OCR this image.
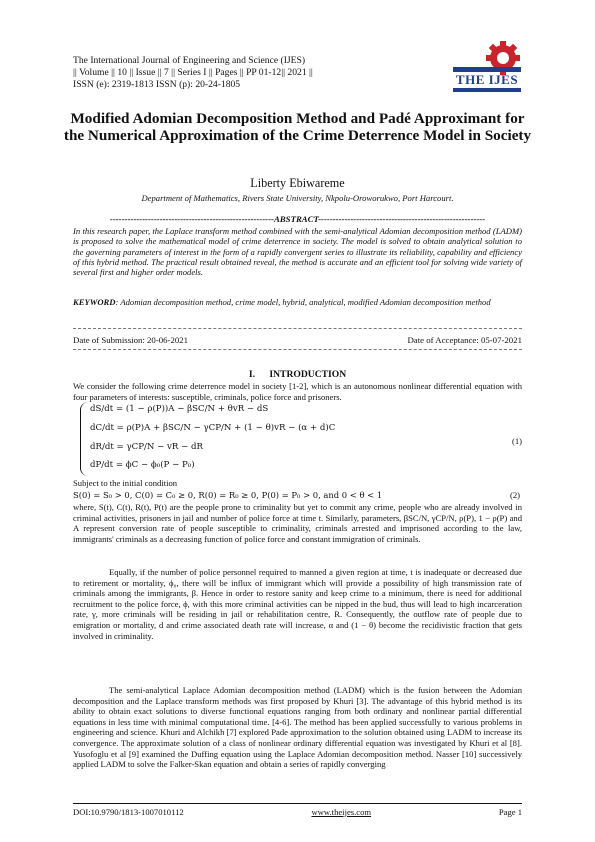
The International Journal of Engineering and Science (IJES)
|| Volume || 10 || Issue || 7 || Series I || Pages || PP 01-12|| 2021 ||
ISSN (e): 2319-1813 ISSN (p): 20-24-1805	THE IJES
Modified Adomian Decomposition Method and Padé Approximant for the Numerical Approximation of the Crime Deterrence Model in Society
Liberty Ebiwareme
Department of Mathematics, Rivers State University, Nkpolu-Oroworukwo, Port Harcourt.
--------------------------------------------------------ABSTRACT---------------------------------------------------------
In this research paper, the Laplace transform method combined with the semi-analytical Adomian decomposition method (LADM) is proposed to solve the mathematical model of crime deterrence in society. The model is solved to obtain analytical solution to the governing parameters of interest in the form of a rapidly convergent series to illustrate its reliability, capability and efficiency of this hybrid method. The practical result obtained reveal, the method is accurate and an efficient tool for solving wide variety of several first and higher order models.
KEYWORD: Adomian decomposition method, crime model, hybrid, analytical, modified Adomian decomposition method
Date of Submission: 20-06-2021	Date of Acceptance: 05-07-2021
I. INTRODUCTION
We consider the following crime deterrence model in society [1-2], which is an autonomous nonlinear differential equation with four parameters of interests: susceptible, criminals, police force and prisoners.
dS/dt = (1 − ρ(P))A − βSC/N + θvR − dS
dC/dt = ρ(P)A + βSC/N − γCP/N + (1 − θ)vR − (α + d)C
dR/dt = γCP/N − vR − dR
dP/dt = ϕC − ϕ₀(P − P₀)
(1)
Subject to the initial condition
S(0) = S₀ > 0, C(0) = C₀ ≥ 0, R(0) = R₀ ≥ 0, P(0) = P₀ > 0, and 0 < θ < 1	(2)
where, S(t), C(t), R(t), P(t) are the people prone to criminality but yet to commit any crime, people who are already involved in criminal activities, prisoners in jail and number of police force at time t. Similarly, parameters, βSC/N, γCP/N, ρ(P), 1 − ρ(P) and A represent conversion rate of people susceptible to criminality, criminals arrested and imprisoned according to the law, immigrants' criminals as a decreasing function of police force and constant immigration of criminals.
Equally, if the number of police personnel required to manned a given region at time, t is inadequate or decreased due to retirement or mortality, ϕ₀, there will be influx of immigrant which will provide a possibility of high transmission rate of criminals among the immigrants, β. Hence in order to restore sanity and keep crime to a minimum, there is need for additional recruitment to the police force, ϕ, with this more criminal activities can be nipped in the bud, thus will lead to high incarceration rate, γ, more criminals will be residing in jail or rehabilitation centre, R. Consequently, the outflow rate of people due to emigration or mortality, d and crime associated death rate will increase, α and (1 − θ) become the recidivistic fraction that gets involved in criminality.
The semi-analytical Laplace Adomian decomposition method (LADM) which is the fusion between the Adomian decomposition and the Laplace transform methods was first proposed by Khuri [3]. The advantage of this hybrid method is its ability to obtain exact solutions to diverse functional equations ranging from both ordinary and nonlinear partial differential equations in less time with minimal computational time. [4-6]. The method has been applied successfully to various problems in engineering and science. Khuri and Alchikh [7] explored Pade approximation to the solution obtained using LADM to increase its convergence. The approximate solution of a class of nonlinear ordinary differential equation was investigated by Khuri et al [8]. Yusofoglu et al [9] examined the Duffing equation using the Laplace Adomian decomposition method. Nasser [10] successively applied LADM to solve the Falker-Skan equation and obtain a series of rapidly converging
DOI:10.9790/1813-1007010112	www.theijes.com	Page 1
